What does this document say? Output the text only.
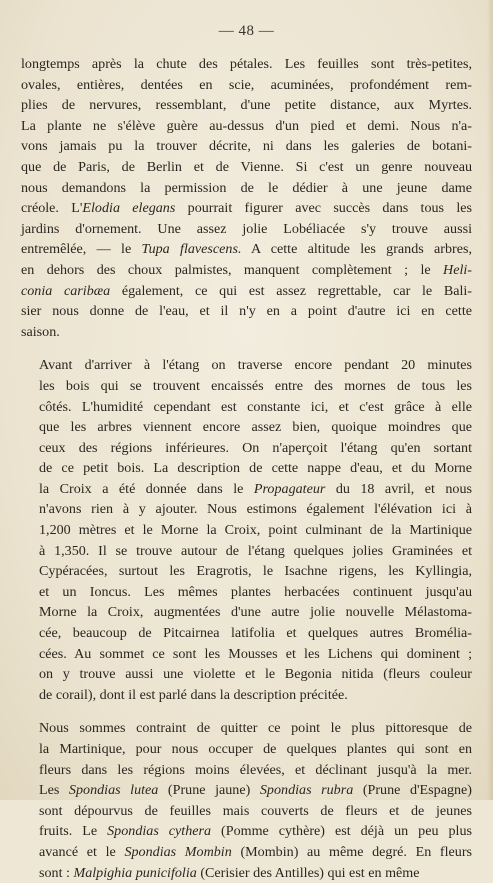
— 48 —
longtemps après la chute des pétales. Les feuilles sont très-petites,
ovales, entières, dentées en scie, acuminées, profondément rem-
plies de nervures, ressemblant, d'une petite distance, aux Myrtes.
La plante ne s'élève guère au-dessus d'un pied et demi. Nous n'a-
vons jamais pu la trouver décrite, ni dans les galeries de botani-
que de Paris, de Berlin et de Vienne. Si c'est un genre nouveau
nous demandons la permission de le dédier à une jeune dame
créole. L'Elodia elegans pourrait figurer avec succès dans tous les
jardins d'ornement. Une assez jolie Lobéliacée s'y trouve aussi
entremêlée, — le Tupa flavescens. A cette altitude les grands arbres,
en dehors des choux palmistes, manquent complètement ; le Heli-
conia caribæa également, ce qui est assez regrettable, car le Bali-
sier nous donne de l'eau, et il n'y en a point d'autre ici en cette
saison.
Avant d'arriver à l'étang on traverse encore pendant 20 minutes
les bois qui se trouvent encaissés entre des mornes de tous les
côtés. L'humidité cependant est constante ici, et c'est grâce à elle
que les arbres viennent encore assez bien, quoique moindres que
ceux des régions inférieures. On n'aperçoit l'étang qu'en sortant
de ce petit bois. La description de cette nappe d'eau, et du Morne
la Croix a été donnée dans le Propagateur du 18 avril, et nous
n'avons rien à y ajouter. Nous estimons également l'élévation ici à
1,200 mètres et le Morne la Croix, point culminant de la Martinique
à 1,350. Il se trouve autour de l'étang quelques jolies Graminées et
Cypéracées, surtout les Eragrotis, le Isachne rigens, les Kyllingia,
et un Ioncus. Les mêmes plantes herbacées continuent jusqu'au
Morne la Croix, augmentées d'une autre jolie nouvelle Mélastoma-
cée, beaucoup de Pitcairnea latifolia et quelques autres Broméliа-
cées. Au sommet ce sont les Mousses et les Lichens qui dominent ;
on y trouve aussi une violette et le Begonia nitida (fleurs couleur
de corail), dont il est parlé dans la description précitée.
Nous sommes contraint de quitter ce point le plus pittoresque de
la Martinique, pour nous occuper de quelques plantes qui sont en
fleurs dans les régions moins élevées, et déclinant jusqu'à la mer.
Les Spondias lutea (Prune jaune) Spondias rubra (Prune d'Espagne)
sont dépourvus de feuilles mais couverts de fleurs et de jeunes
fruits. Le Spondias cythera (Pomme cythère) est déjà un peu plus
avancé et le Spondias Mombin (Mombin) au même degré. En fleurs
sont : Malpighia punicifolia (Cerisier des Antilles) qui est en même
